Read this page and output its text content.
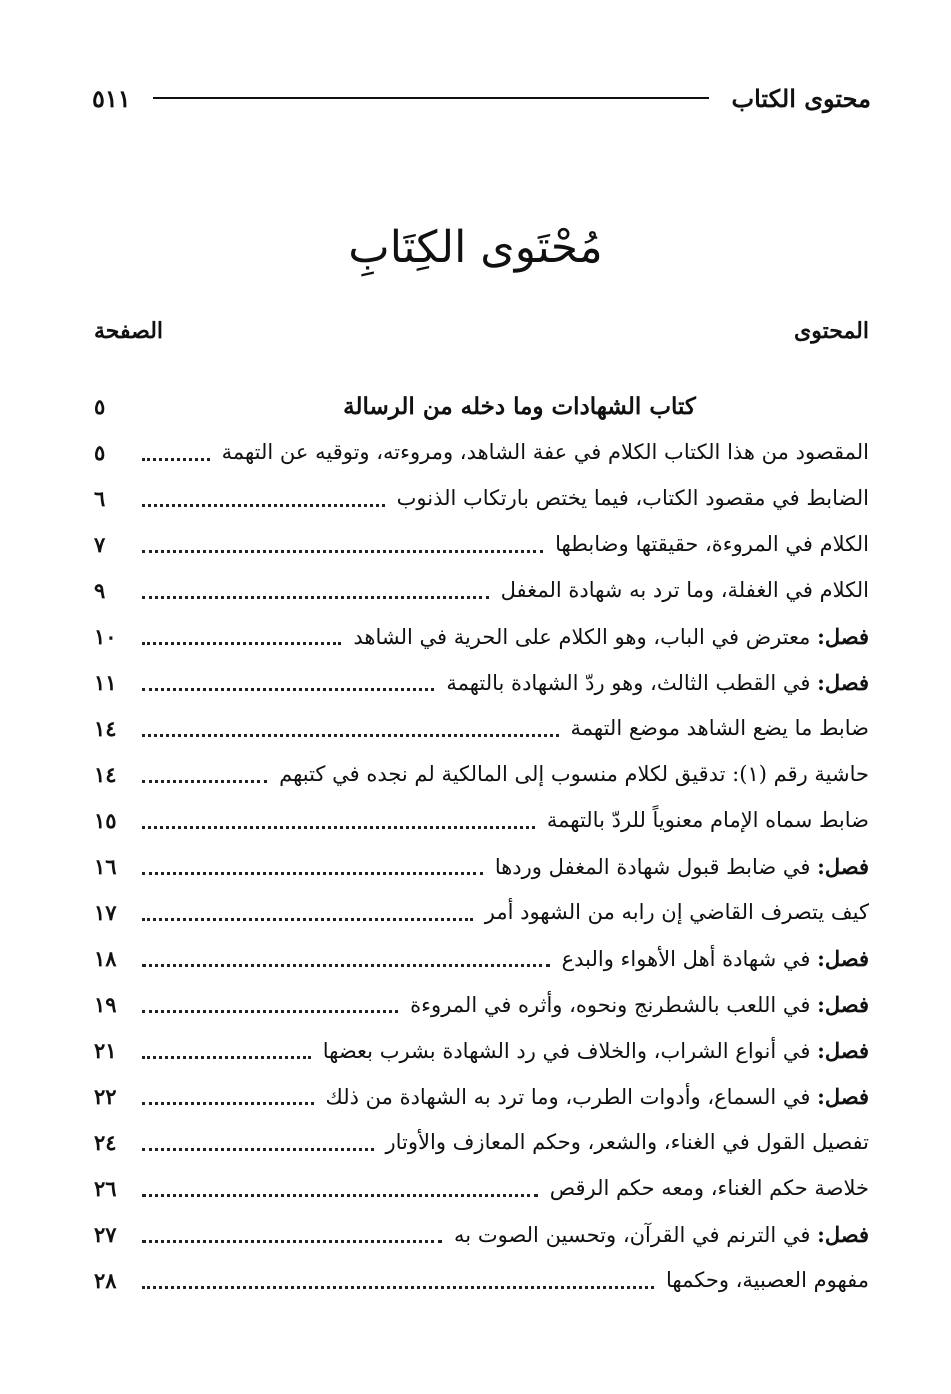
محتوى الكتاب
٥١١
مُحْتَوى الكِتَابِ
المحتوى
الصفحة
كتاب الشهادات وما دخله من الرسالة
٥
المقصود من هذا الكتاب الكلام في عفة الشاهد، ومروءته، وتوقيه عن التهمة
٥
الضابط في مقصود الكتاب، فيما يختص بارتكاب الذنوب
٦
الكلام في المروءة، حقيقتها وضابطها
٧
الكلام في الغفلة، وما ترد به شهادة المغفل
٩
فصل: معترض في الباب، وهو الكلام على الحرية في الشاهد
١٠
فصل: في القطب الثالث، وهو ردّ الشهادة بالتهمة
١١
ضابط ما يضع الشاهد موضع التهمة
١٤
حاشية رقم (١): تدقيق لكلام منسوب إلى المالكية لم نجده في كتبهم
١٤
ضابط سماه الإمام معنوياً للردّ بالتهمة
١٥
فصل: في ضابط قبول شهادة المغفل وردها
١٦
كيف يتصرف القاضي إن رابه من الشهود أمر
١٧
فصل: في شهادة أهل الأهواء والبدع
١٨
فصل: في اللعب بالشطرنج ونحوه، وأثره في المروءة
١٩
فصل: في أنواع الشراب، والخلاف في رد الشهادة بشرب بعضها
٢١
فصل: في السماع، وأدوات الطرب، وما ترد به الشهادة من ذلك
٢٢
تفصيل القول في الغناء، والشعر، وحكم المعازف والأوتار
٢٤
خلاصة حكم الغناء، ومعه حكم الرقص
٢٦
فصل: في الترنم في القرآن، وتحسين الصوت به
٢٧
مفهوم العصبية، وحكمها
٢٨
